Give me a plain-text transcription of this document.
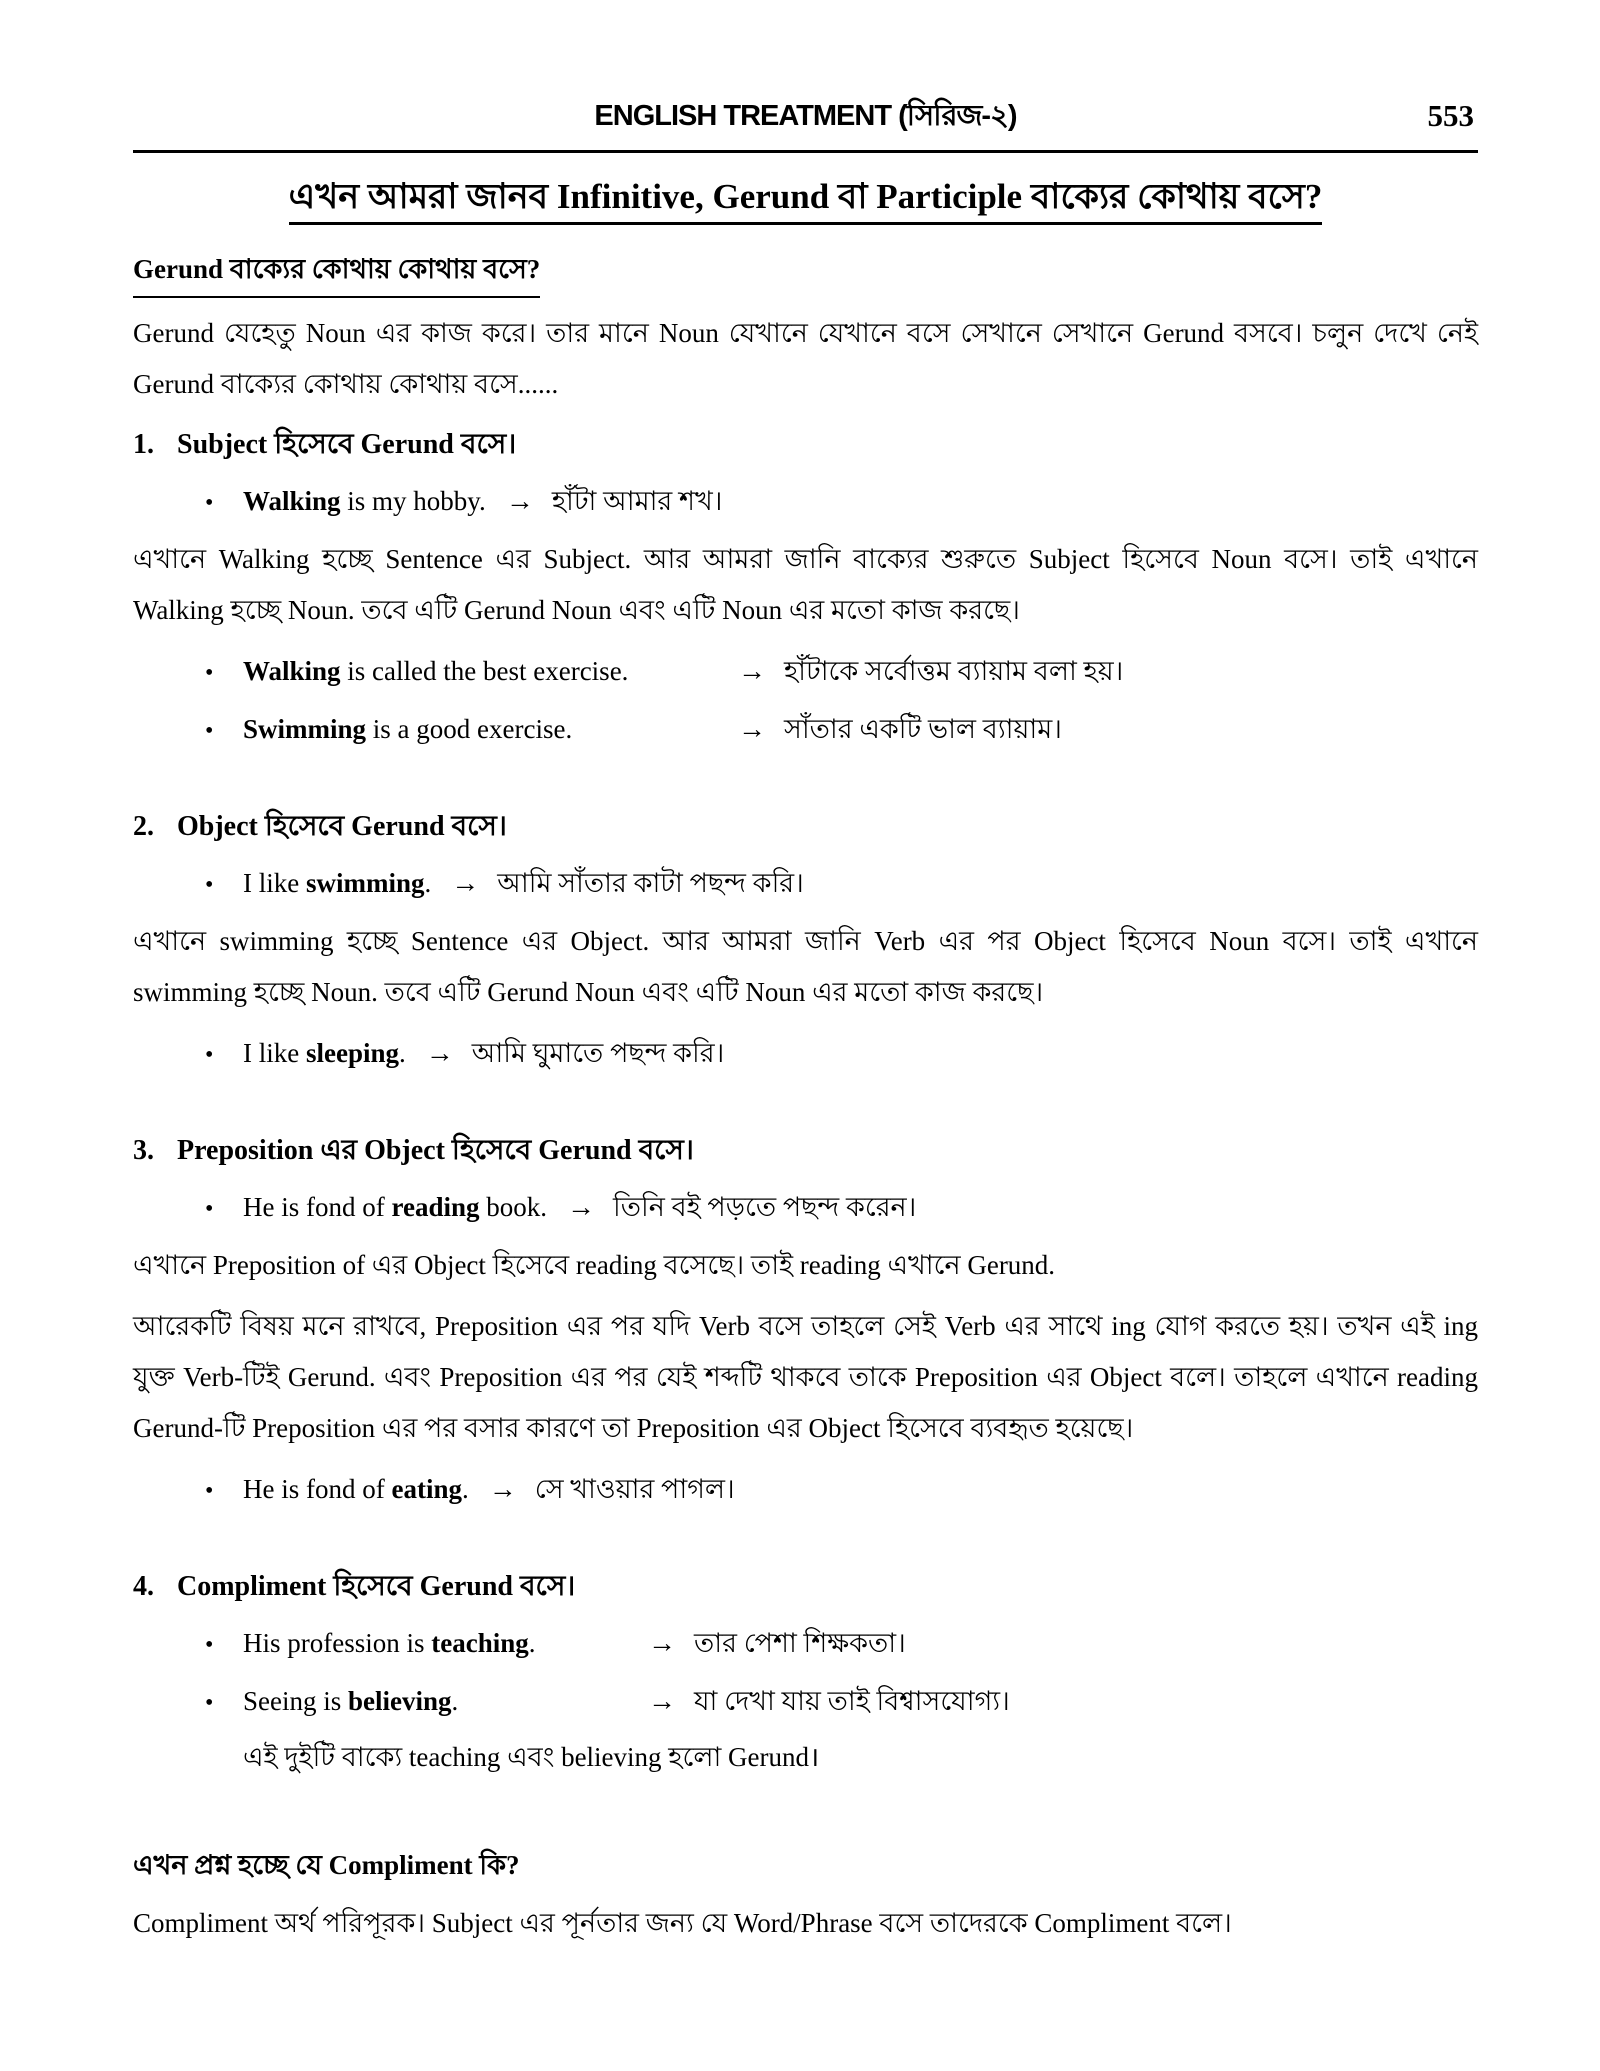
ENGLISH TREATMENT (সিরিজ-২)	553
এখন আমরা জানব Infinitive, Gerund বা Participle বাক্যের কোথায় বসে?
Gerund বাক্যের কোথায় কোথায় বসে?
Gerund যেহেতু Noun এর কাজ করে। তার মানে Noun যেখানে যেখানে বসে সেখানে সেখানে Gerund বসবে। চলুন দেখে নেই Gerund বাক্যের কোথায় কোথায় বসে......
1. Subject হিসেবে Gerund বসে।
•	Walking is my hobby. → হাঁটা আমার শখ।
এখানে Walking হচ্ছে Sentence এর Subject. আর আমরা জানি বাক্যের শুরুতে Subject হিসেবে Noun বসে। তাই এখানে Walking হচ্ছে Noun. তবে এটি Gerund Noun এবং এটি Noun এর মতো কাজ করছে।
•	Walking is called the best exercise.	→ হাঁটাকে সর্বোত্তম ব্যায়াম বলা হয়।
•	Swimming is a good exercise.	→ সাঁতার একটি ভাল ব্যায়াম।
2. Object হিসেবে Gerund বসে।
•	I like swimming. → আমি সাঁতার কাটা পছন্দ করি।
এখানে swimming হচ্ছে Sentence এর Object. আর আমরা জানি Verb এর পর Object হিসেবে Noun বসে। তাই এখানে swimming হচ্ছে Noun. তবে এটি Gerund Noun এবং এটি Noun এর মতো কাজ করছে।
•	I like sleeping. → আমি ঘুমাতে পছন্দ করি।
3. Preposition এর Object হিসেবে Gerund বসে।
•	He is fond of reading book. → তিনি বই পড়তে পছন্দ করেন।
এখানে Preposition of এর Object হিসেবে reading বসেছে। তাই reading এখানে Gerund.
আরেকটি বিষয় মনে রাখবে, Preposition এর পর যদি Verb বসে তাহলে সেই Verb এর সাথে ing যোগ করতে হয়। তখন এই ing যুক্ত Verb-টিই Gerund. এবং Preposition এর পর যেই শব্দটি থাকবে তাকে Preposition এর Object বলে। তাহলে এখানে reading Gerund-টি Preposition এর পর বসার কারণে তা Preposition এর Object হিসেবে ব্যবহৃত হয়েছে।
•	He is fond of eating. → সে খাওয়ার পাগল।
4. Compliment হিসেবে Gerund বসে।
•	His profession is teaching.	→ তার পেশা শিক্ষকতা।
•	Seeing is believing.	→ যা দেখা যায় তাই বিশ্বাসযোগ্য।
এই দুইটি বাক্যে teaching এবং believing হলো Gerund।
এখন প্রশ্ন হচ্ছে যে Compliment কি?
Compliment অর্থ পরিপূরক। Subject এর পূর্নতার জন্য যে Word/Phrase বসে তাদেরকে Compliment বলে।
